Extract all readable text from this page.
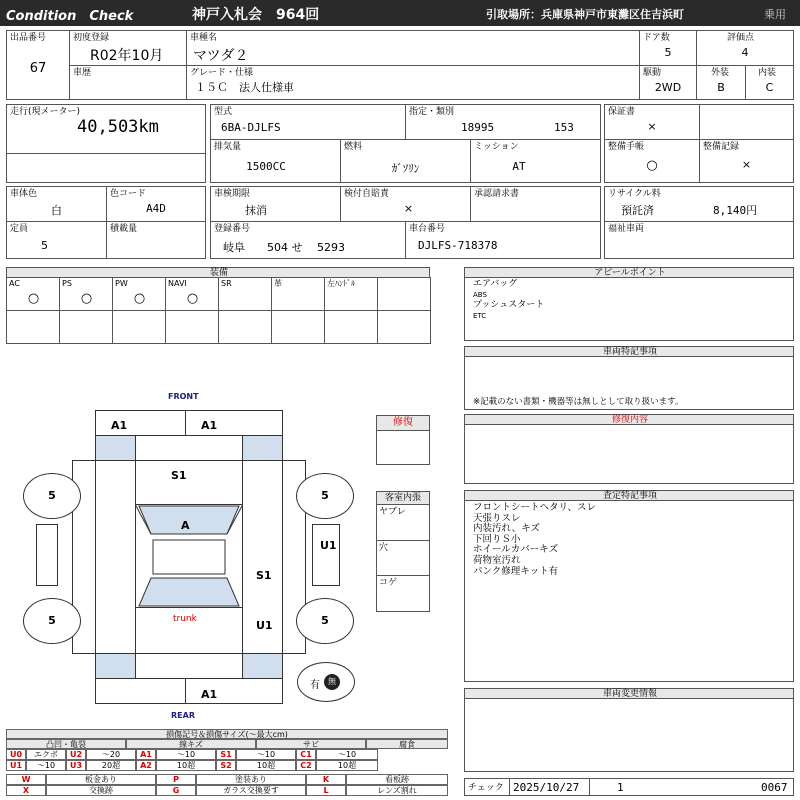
Condition　Check	神戸入札会　964回	引取場所：兵庫県神戸市東灘区住吉浜町	乗用
出品番号
67
初度登録
R02年10月
車歴
車種名
マツダ２
グレード・仕様
１５Ｃ　法人仕様車
ドア数
5
評価点
4
駆動
2WD
外装
B
内装
C
走行(現メーター)
40,503km
型式
6BA-DJLFS
指定・類別
18995	153
排気量
1500CC
燃料
ｶﾞｿﾘﾝ
ミッション
AT
保証書
×
整備手帳
○
整備記録
×
車体色
白
色コード
A4D
定員
5
積載量
車検期限
抹消
検付自賠責
×
承認請求書
登録番号
岐阜　　504 せ　 5293
車台番号
DJLFS-718378
リサイクル料
預託済	8,140円
福祉車両
装備
AC
○
PS
○
PW
○
NAVI
○
SR	革	左ﾊﾝﾄﾞﾙ
アピールポイント
エアバッグ
ABS
プッシュスタート
ETC
車両特記事項
※記載のない書類・機器等は無しとして取り扱います。
修復内容
査定特記事項
フロントシートヘタリ、スレ
天張りスレ
内装汚れ、キズ
下回りＳ小
ホイールカバーキズ
荷物室汚れ
パンク修理キット有
車両変更情報
チェック 2025/10/27	1	0067
修復
客室内張
ヤブレ
穴
コゲ
FRONT
REAR
5	5
5	5
A1	A1
S1
A
S1
U1
U1
A1
trunk
有	無
損傷記号＆損傷サイズ(〜最大cm)
凸凹・亀裂	線キズ	サビ	腐食
U0	エクボ	U2	〜20	A1	〜10	S1	〜10	C1	〜10
U1	〜10	U3	20超	A2	10超	S2	10超	C2	10超
W	板金あり	P	塗装あり	K	看板跡
X	交換跡	G	ガラス交換要す	L	レンズ割れ
